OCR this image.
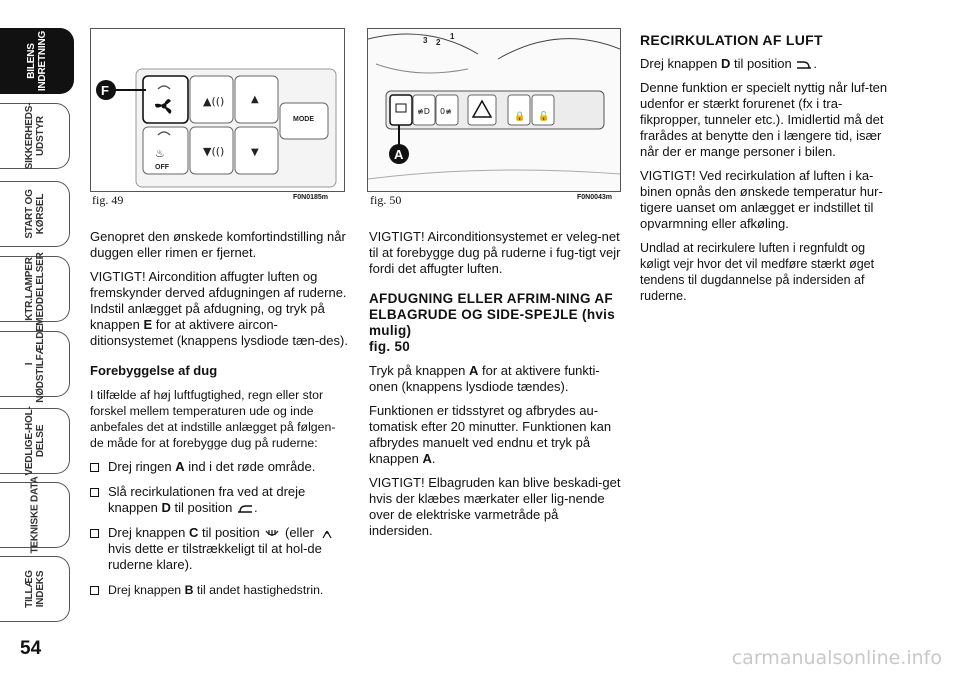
BILENS
INDRETNING
SIKKERHEDS-
UDSTYR
START OG
KØRSEL
KTR.LAMPER
MEDDELELSER
I
NØDSTILFÆLDE
VEDLIGE-HOL-
DELSE
TEKNISKE DATA
TILLÆG
INDEKS
54	carmanualsonline.info
▲(()	▲
MODE
♨
OFF
▼(()	▼
F
fig. 49	F0N0185m
3 2
1
≢D 0≢
🔒 🔓
A
fig. 50	F0N0043m

Genopret den ønskede komfortindstilling når duggen eller rimen er fjernet.

VIGTIGT! Aircondition affugter luften og fremskynder derved afdugningen af ruderne. Indstil anlægget på afdugning, og tryk på knappen E for at aktivere aircon-ditionsystemet (knappens lysdiode tæn-des).

Forebyggelse af dug

I tilfælde af høj luftfugtighed, regn eller stor forskel mellem temperaturen ude og inde anbefales det at indstille anlægget på følgen-de måde for at forebygge dug på ruderne:

Drej ringen A ind i det røde område.
Slå recirkulationen fra ved at dreje knappen D til position .
Drej knappen C til position  (eller  hvis dette er tilstrækkeligt til at hol-de ruderne klare).
Drej knappen B til andet hastighedstrin.

VIGTIGT! Airconditionsystemet er veleg-net til at forebygge dug på ruderne i fug-tigt vejr fordi det affugter luften.

AFDUGNING ELLER AFRIM-NING AF ELBAGRUDE OG SIDE-SPEJLE (hvis mulig)
fig. 50

Tryk på knappen A for at aktivere funkti-onen (knappens lysdiode tændes).

Funktionen er tidsstyret og afbrydes au-tomatisk efter 20 minutter. Funktionen kan afbrydes manuelt ved endnu et tryk på knappen A.

VIGTIGT! Elbagruden kan blive beskadi-get hvis der klæbes mærkater eller lig-nende over de elektriske varmetråde på indersiden.

RECIRKULATION AF LUFT

Drej knappen D til position .

Denne funktion er specielt nyttig når luf-ten udenfor er stærkt forurenet (fx i tra-fikpropper, tunneler etc.). Imidlertid må det frarådes at benytte den i længere tid, især når der er mange personer i bilen.

VIGTIGT! Ved recirkulation af luften i ka-binen opnås den ønskede temperatur hur-tigere uanset om anlægget er indstillet til opvarmning eller afkøling.

Undlad at recirkulere luften i regnfuldt og køligt vejr hvor det vil medføre stærkt øget tendens til dugdannelse på indersiden af ruderne.
